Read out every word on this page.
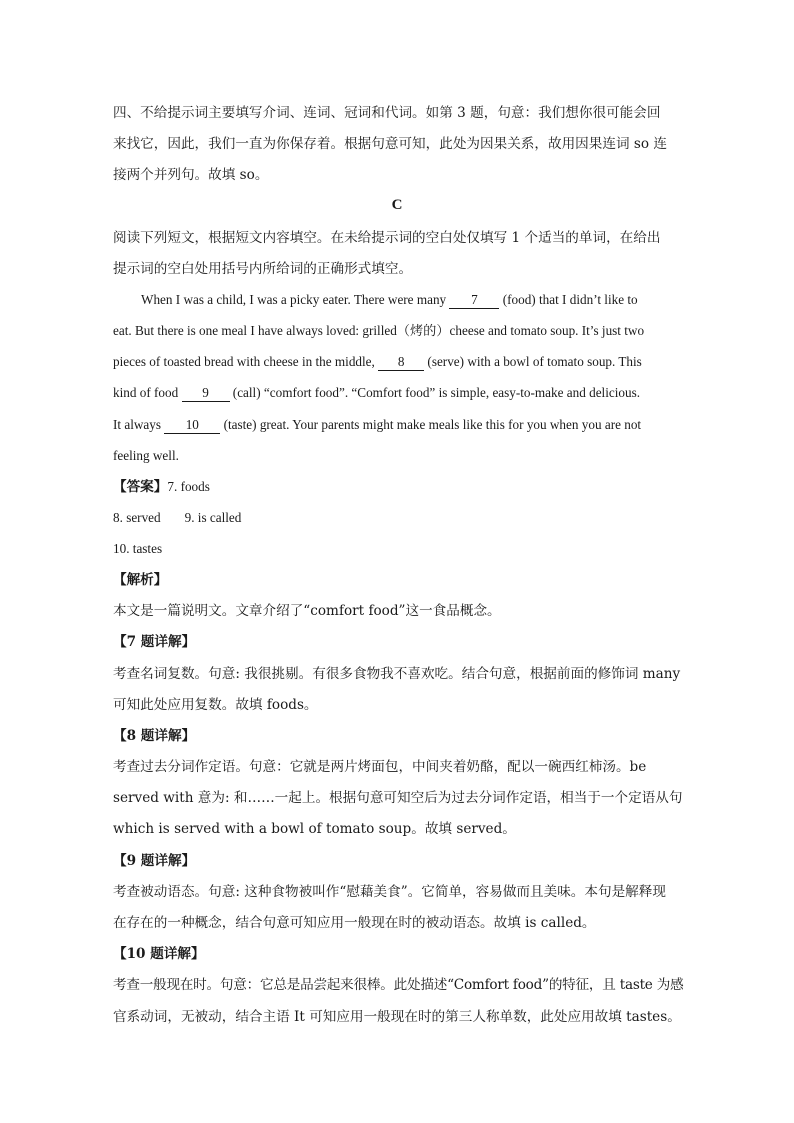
四、不给提示词主要填写介词、连词、冠词和代词。如第 3 题，句意：我们想你很可能会回
来找它，因此，我们一直为你保存着。根据句意可知，此处为因果关系，故用因果连词 so 连
接两个并列句。故填 so。
C
阅读下列短文，根据短文内容填空。在未给提示词的空白处仅填写 1 个适当的单词，在给出
提示词的空白处用括号内所给词的正确形式填空。
When I was a child, I was a picky eater. There were many 7 (food) that I didn’t like to
eat. But there is one meal I have always loved: grilled（烤的）cheese and tomato soup. It’s just two
pieces of toasted bread with cheese in the middle, 8 (serve) with a bowl of tomato soup. This
kind of food 9 (call) “comfort food”. “Comfort food” is simple, easy-to-make and delicious.
It always 10 (taste) great. Your parents might make meals like this for you when you are not
feeling well.
【答案】7. foods
8. served 9. is called
10. tastes
【解析】
本文是一篇说明文。文章介绍了“comfort food”这一食品概念。
【7 题详解】
考查名词复数。句意: 我很挑剔。有很多食物我不喜欢吃。结合句意，根据前面的修饰词 many
可知此处应用复数。故填 foods。
【8 题详解】
考查过去分词作定语。句意：它就是两片烤面包，中间夹着奶酪，配以一碗西红柿汤。be
served with 意为: 和……一起上。根据句意可知空后为过去分词作定语，相当于一个定语从句
which is served with a bowl of tomato soup。故填 served。
【9 题详解】
考查被动语态。句意: 这种食物被叫作“慰藉美食”。它简单，容易做而且美味。本句是解释现
在存在的一种概念，结合句意可知应用一般现在时的被动语态。故填 is called。
【10 题详解】
考查一般现在时。句意：它总是品尝起来很棒。此处描述“Comfort food”的特征，且 taste 为感
官系动词，无被动，结合主语 It 可知应用一般现在时的第三人称单数，此处应用故填 tastes。
